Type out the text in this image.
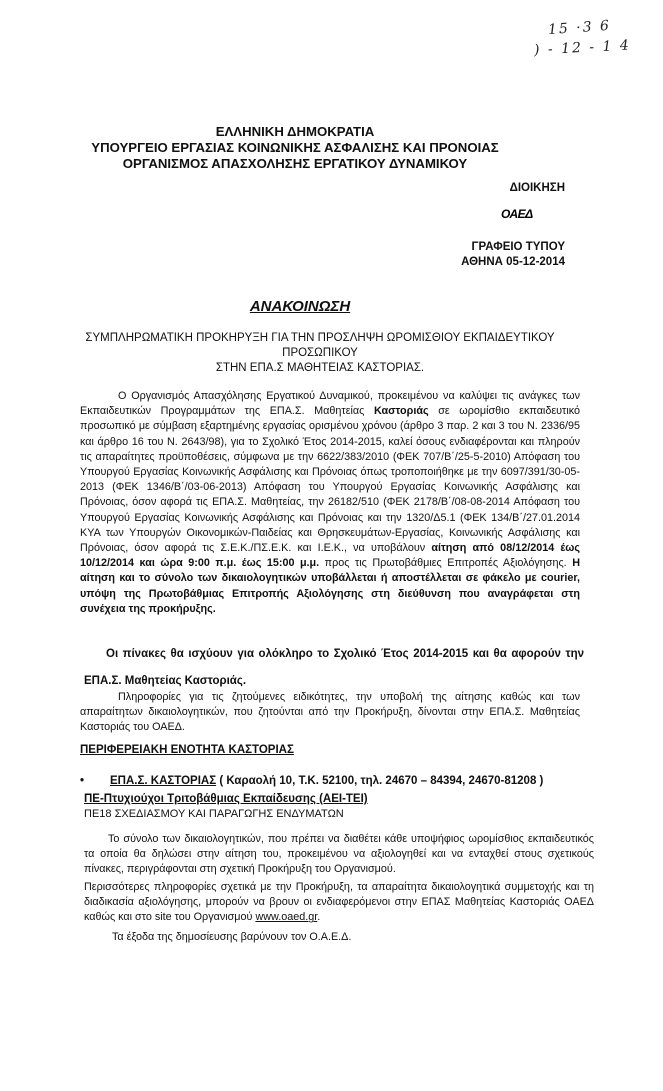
15 ·3 6
) - 12 - 1 4
ΕΛΛΗΝΙΚΗ ΔΗΜΟΚΡΑΤΙΑ
ΥΠΟΥΡΓΕΙΟ ΕΡΓΑΣΙΑΣ ΚΟΙΝΩΝΙΚΗΣ ΑΣΦΑΛΙΣΗΣ ΚΑΙ ΠΡΟΝΟΙΑΣ
ΟΡΓΑΝΙΣΜΟΣ ΑΠΑΣΧΟΛΗΣΗΣ ΕΡΓΑΤΙΚΟΥ ΔΥΝΑΜΙΚΟΥ
ΔΙΟΙΚΗΣΗ
ΟΑΕΔ
ΓΡΑΦΕΙΟ ΤΥΠΟΥ
ΑΘΗΝΑ 05-12-2014
ΑΝΑΚΟΙΝΩΣΗ
ΣΥΜΠΛΗΡΩΜΑΤΙΚΗ ΠΡΟΚΗΡΥΞΗ ΓΙΑ ΤΗΝ ΠΡΟΣΛΗΨΗ ΩΡΟΜΙΣΘΙΟΥ ΕΚΠΑΙΔΕΥΤΙΚΟΥ
ΠΡΟΣΩΠΙΚΟΥ
ΣΤΗΝ ΕΠΑ.Σ ΜΑΘΗΤΕΙΑΣ ΚΑΣΤΟΡΙΑΣ.
Ο Οργανισμός Απασχόλησης Εργατικού Δυναμικού, προκειμένου να καλύψει τις ανάγκες των Εκπαιδευτικών Προγραμμάτων της ΕΠΑ.Σ. Μαθητείας Καστοριάς σε ωρομίσθιο εκπαιδευτικό προσωπικό με σύμβαση εξαρτημένης εργασίας ορισμένου χρόνου (άρθρο 3 παρ. 2 και 3 του Ν. 2336/95 και άρθρο 16 του Ν. 2643/98), για το Σχολικό Έτος 2014-2015, καλεί όσους ενδιαφέρονται και πληρούν τις απαραίτητες προϋποθέσεις, σύμφωνα με την 6622/383/2010 (ΦΕΚ 707/Β΄/25-5-2010) Απόφαση του Υπουργού Εργασίας Κοινωνικής Ασφάλισης και Πρόνοιας όπως τροποποιήθηκε με την 6097/391/30-05-2013 (ΦΕΚ 1346/Β΄/03-06-2013) Απόφαση του Υπουργού Εργασίας Κοινωνικής Ασφάλισης και Πρόνοιας, όσον αφορά τις ΕΠΑ.Σ. Μαθητείας, την 26182/510 (ΦΕΚ 2178/Β΄/08-08-2014 Απόφαση του Υπουργού Εργασίας Κοινωνικής Ασφάλισης και Πρόνοιας και την 1320/Δ5.1 (ΦΕΚ 134/Β΄/27.01.2014 ΚΥΑ των Υπουργών Οικονομικών-Παιδείας και Θρησκευμάτων-Εργασίας, Κοινωνικής Ασφάλισης και Πρόνοιας, όσον αφορά τις Σ.Ε.Κ./ΠΣ.Ε.Κ. και Ι.Ε.Κ., να υποβάλουν αίτηση από 08/12/2014 έως 10/12/2014 και ώρα 9:00 π.μ. έως 15:00 μ.μ. προς τις Πρωτοβάθμιες Επιτροπές Αξιολόγησης. Η αίτηση και το σύνολο των δικαιολογητικών υποβάλλεται ή αποστέλλεται σε φάκελο με courier, υπόψη της Πρωτοβάθμιας Επιτροπής Αξιολόγησης στη διεύθυνση που αναγράφεται στη συνέχεια της προκήρυξης.
Οι πίνακες θα ισχύουν για ολόκληρο το Σχολικό Έτος 2014-2015 και θα αφορούν την ΕΠΑ.Σ. Μαθητείας Καστοριάς.
Πληροφορίες για τις ζητούμενες ειδικότητες, την υποβολή της αίτησης καθώς και των απαραίτητων δικαιολογητικών, που ζητούνται από την Προκήρυξη, δίνονται στην ΕΠΑ.Σ. Μαθητείας Καστοριάς του ΟΑΕΔ.
ΠΕΡΙΦΕΡΕΙΑΚΗ ΕΝΟΤΗΤΑ ΚΑΣΤΟΡΙΑΣ
• ΕΠΑ.Σ. ΚΑΣΤΟΡΙΑΣ ( Καραολή 10, Τ.Κ. 52100, τηλ. 24670 – 84394, 24670-81208 )
ΠΕ-Πτυχιούχοι Τριτοβάθμιας Εκπαίδευσης (ΑΕΙ-ΤΕΙ)
ΠΕ18 ΣΧΕΔΙΑΣΜΟΥ ΚΑΙ ΠΑΡΑΓΩΓΗΣ ΕΝΔΥΜΑΤΩΝ
Το σύνολο των δικαιολογητικών, που πρέπει να διαθέτει κάθε υποψήφιος ωρομίσθιος εκπαιδευτικός τα οποία θα δηλώσει στην αίτηση του, προκειμένου να αξιολογηθεί και να ενταχθεί στους σχετικούς πίνακες, περιγράφονται στη σχετική Προκήρυξη του Οργανισμού.
Περισσότερες πληροφορίες σχετικά με την Προκήρυξη, τα απαραίτητα δικαιολογητικά συμμετοχής και τη διαδικασία αξιολόγησης, μπορούν να βρουν οι ενδιαφερόμενοι στην ΕΠΑΣ Μαθητείας Καστοριάς ΟΑΕΔ καθώς και στο site του Οργανισμού www.oaed.gr.
Τα έξοδα της δημοσίευσης βαρύνουν τον Ο.Α.Ε.Δ.
